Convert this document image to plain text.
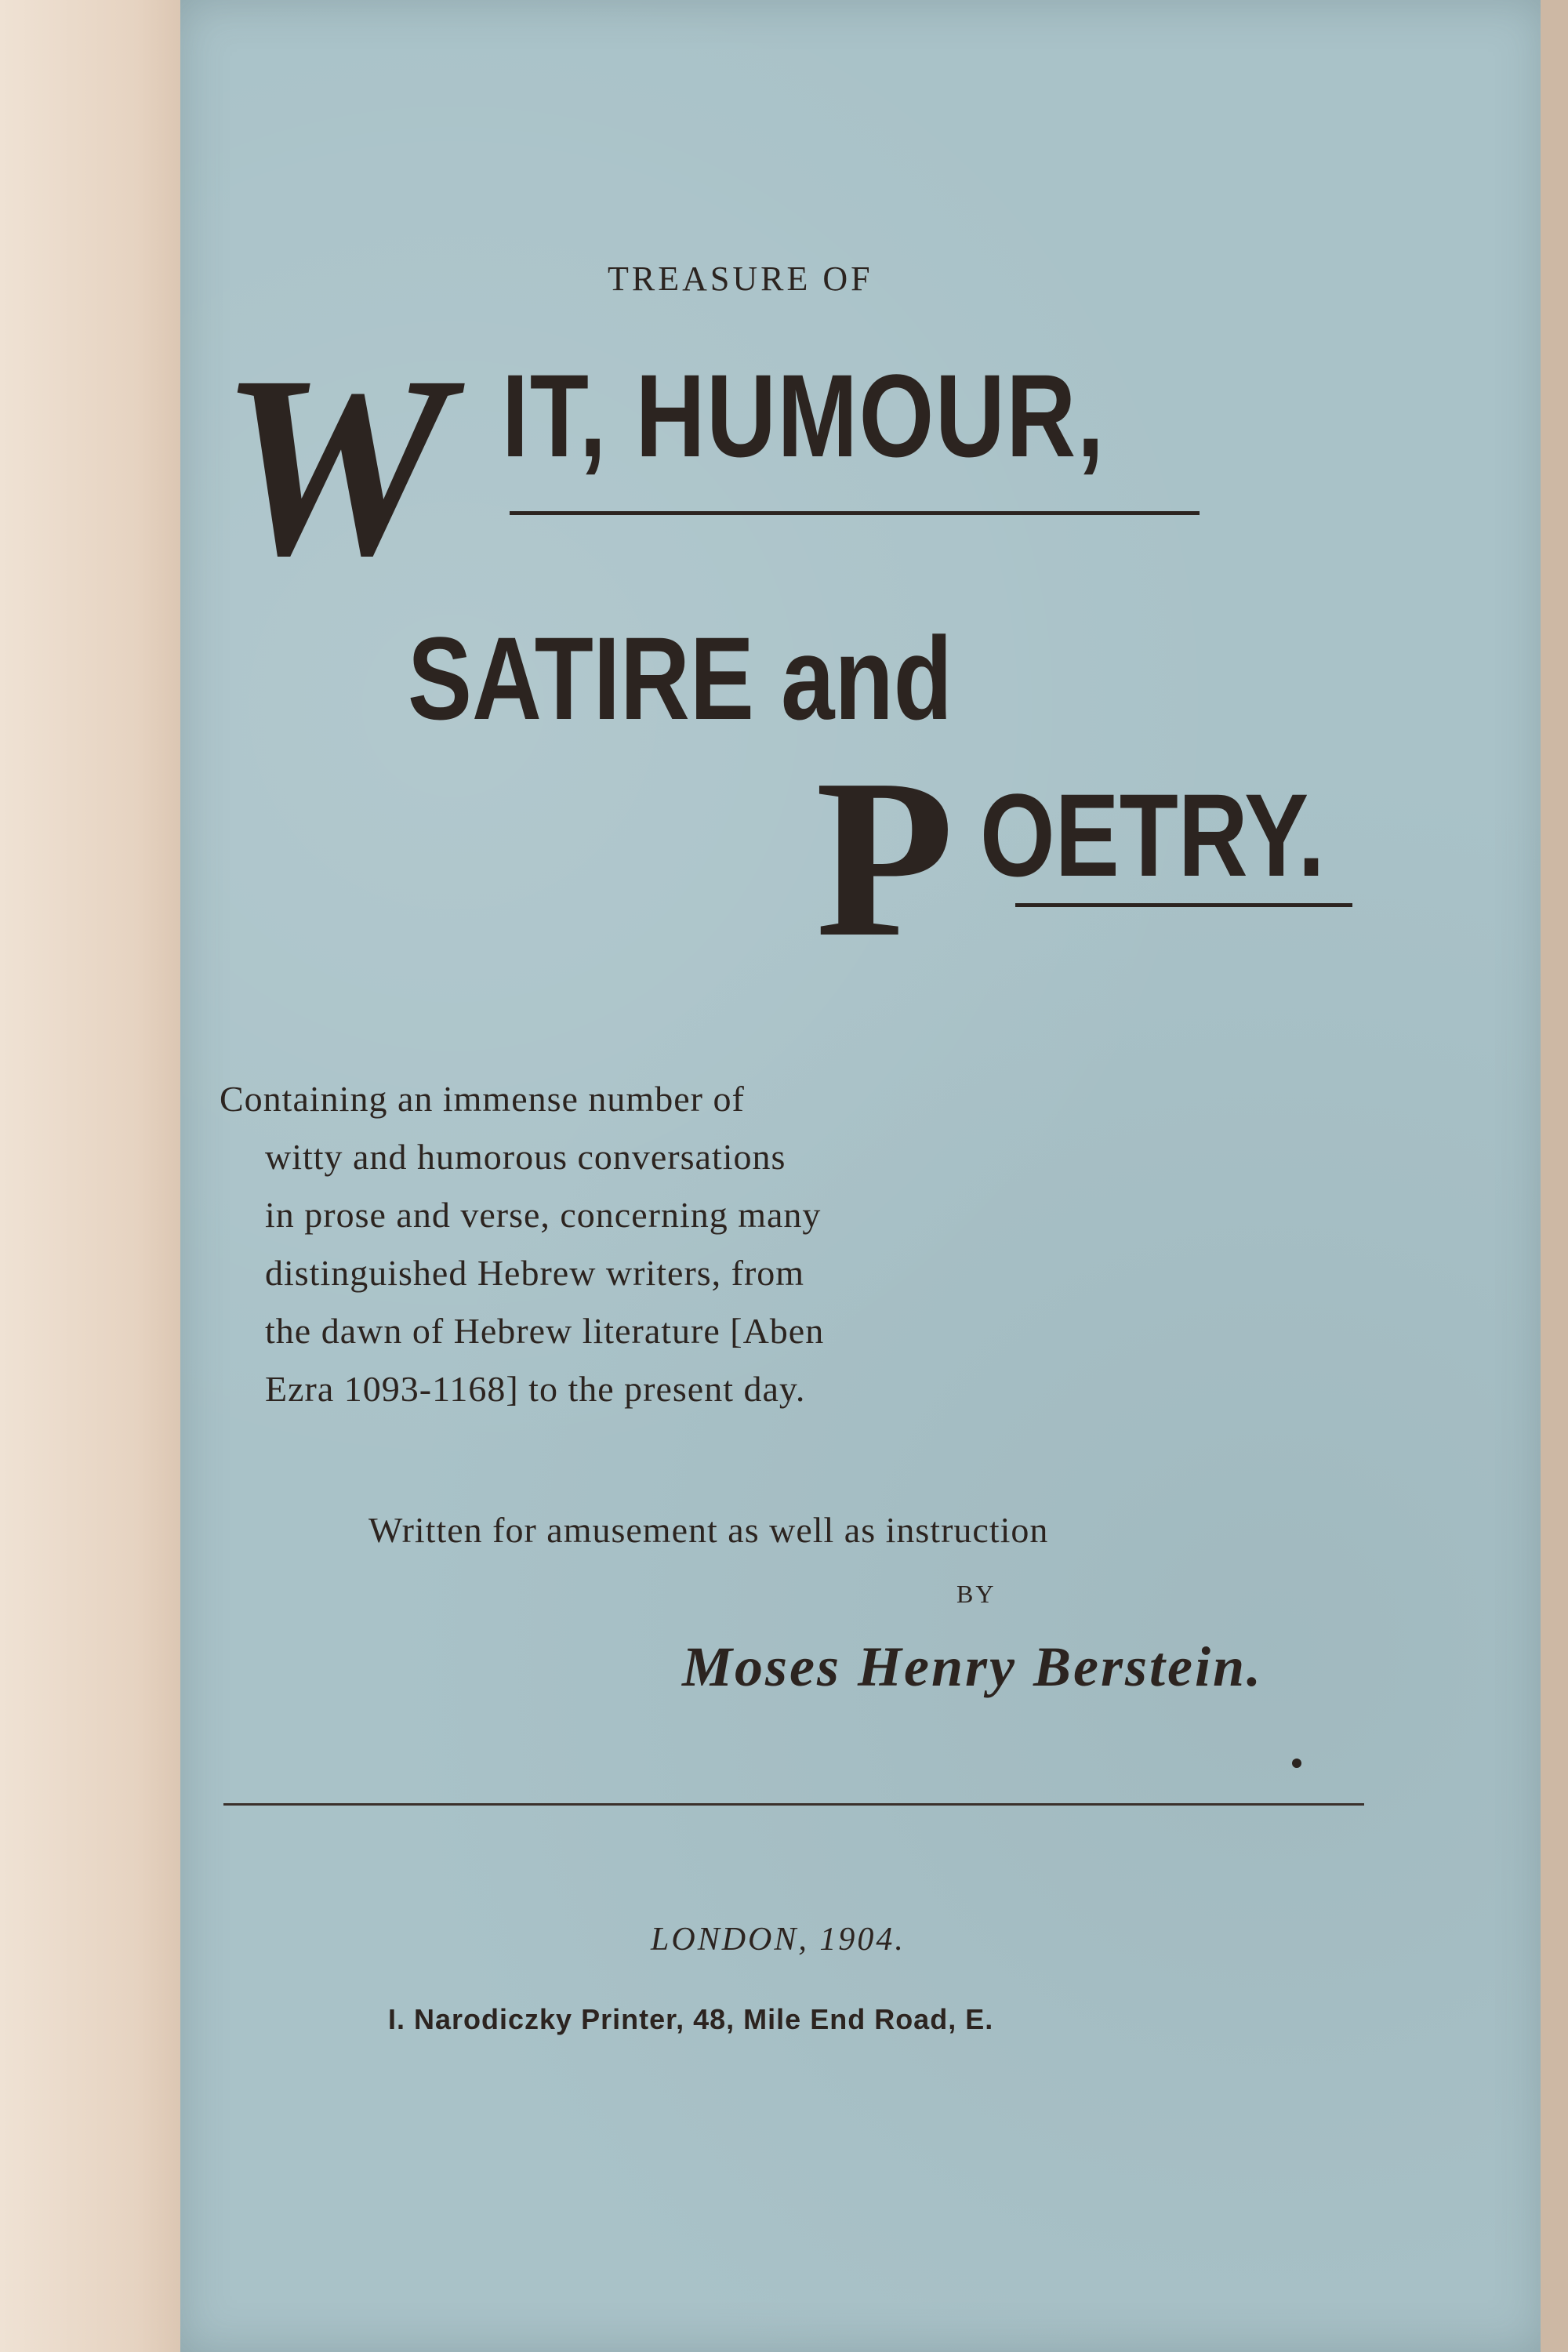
TREASURE OF
W IT, HUMOUR,
SATIRE and
P OETRY.
Containing an immense number of
witty and humorous conversations
in prose and verse, concerning many
distinguished Hebrew writers, from
the dawn of Hebrew literature [Aben
Ezra 1093-1168] to the present day.
Written for amusement as well as instruction
BY
Moses Henry Berstein.
LONDON, 1904.
I. Narodiczky Printer, 48, Mile End Road, E.
